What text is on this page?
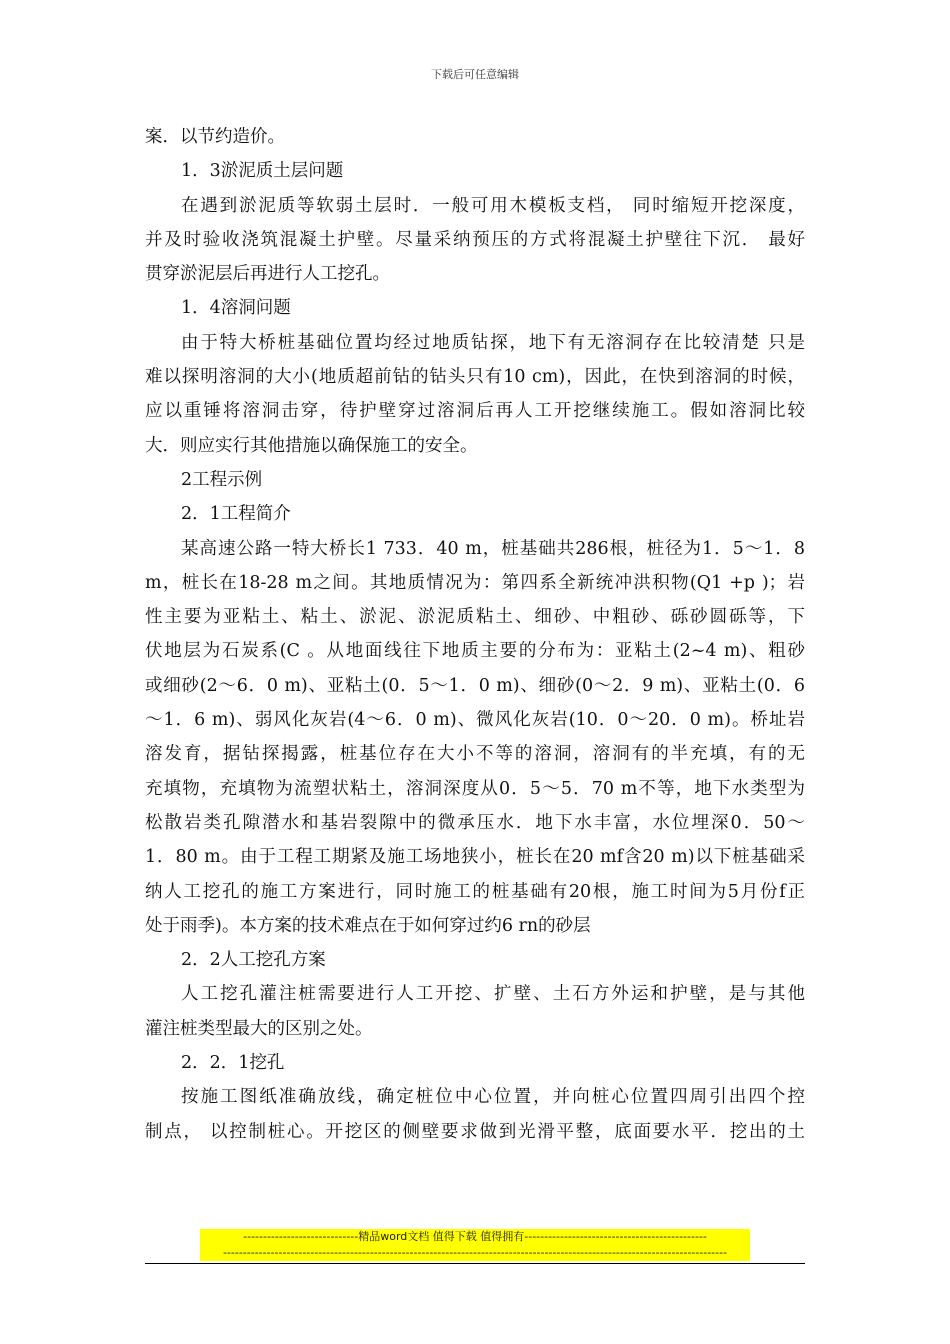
下载后可任意编辑
案．以节约造价。
1．3淤泥质土层问题
在遇到淤泥质等软弱土层时．一般可用木模板支档， 同时缩短开挖深度，
并及时验收浇筑混凝土护壁。尽量采纳预压的方式将混凝土护壁往下沉． 最好
贯穿淤泥层后再进行人工挖孔。
1．4溶洞问题
由于特大桥桩基础位置均经过地质钻探，地下有无溶洞存在比较清楚 只是
难以探明溶洞的大小(地质超前钻的钻头只有10 cm)，因此，在快到溶洞的时候，
应以重锤将溶洞击穿，待护壁穿过溶洞后再人工开挖继续施工。假如溶洞比较
大．则应实行其他措施以确保施工的安全。
2工程示例
2．1工程简介
某高速公路一特大桥长1 733．40 m，桩基础共286根，桩径为1．5～1．8
m，桩长在18-28 m之间。其地质情况为：第四系全新统冲洪积物(Q1 +p )；岩
性主要为亚粘土、粘土、淤泥、淤泥质粘土、细砂、中粗砂、砾砂圆砾等，下
伏地层为石炭系(C 。从地面线往下地质主要的分布为：亚粘土(2~4 m)、粗砂
或细砂(2～6．0 m)、亚粘土(0．5～1．0 m)、细砂(0～2．9 m)、亚粘土(0．6
～1．6 m)、弱风化灰岩(4～6．0 m)、微风化灰岩(10．0～20．0 m)。桥址岩
溶发育，据钻探揭露，桩基位存在大小不等的溶洞，溶洞有的半充填，有的无
充填物，充填物为流塑状粘土，溶洞深度从0．5～5．70 m不等，地下水类型为
松散岩类孔隙潜水和基岩裂隙中的微承压水．地下水丰富，水位埋深0．50～
1．80 m。由于工程工期紧及施工场地狭小，桩长在20 mf含20 m)以下桩基础采
纳人工挖孔的施工方案进行，同时施工的桩基础有20根，施工时间为5月份f正
处于雨季)。本方案的技术难点在于如何穿过约6 rn的砂层
2．2人工挖孔方案
人工挖孔灌注桩需要进行人工开挖、扩壁、土石方外运和护壁，是与其他
灌注桩类型最大的区别之处。
2．2．1挖孔
按施工图纸准确放线，确定桩位中心位置，并向桩心位置四周引出四个控
制点， 以控制桩心。开挖区的侧壁要求做到光滑平整，底面要水平．挖出的土
-----------------------------精品word文档 值得下载 值得拥有----------------------------------------------
-------------------------------------------------------------------------------------------------------------------------------
